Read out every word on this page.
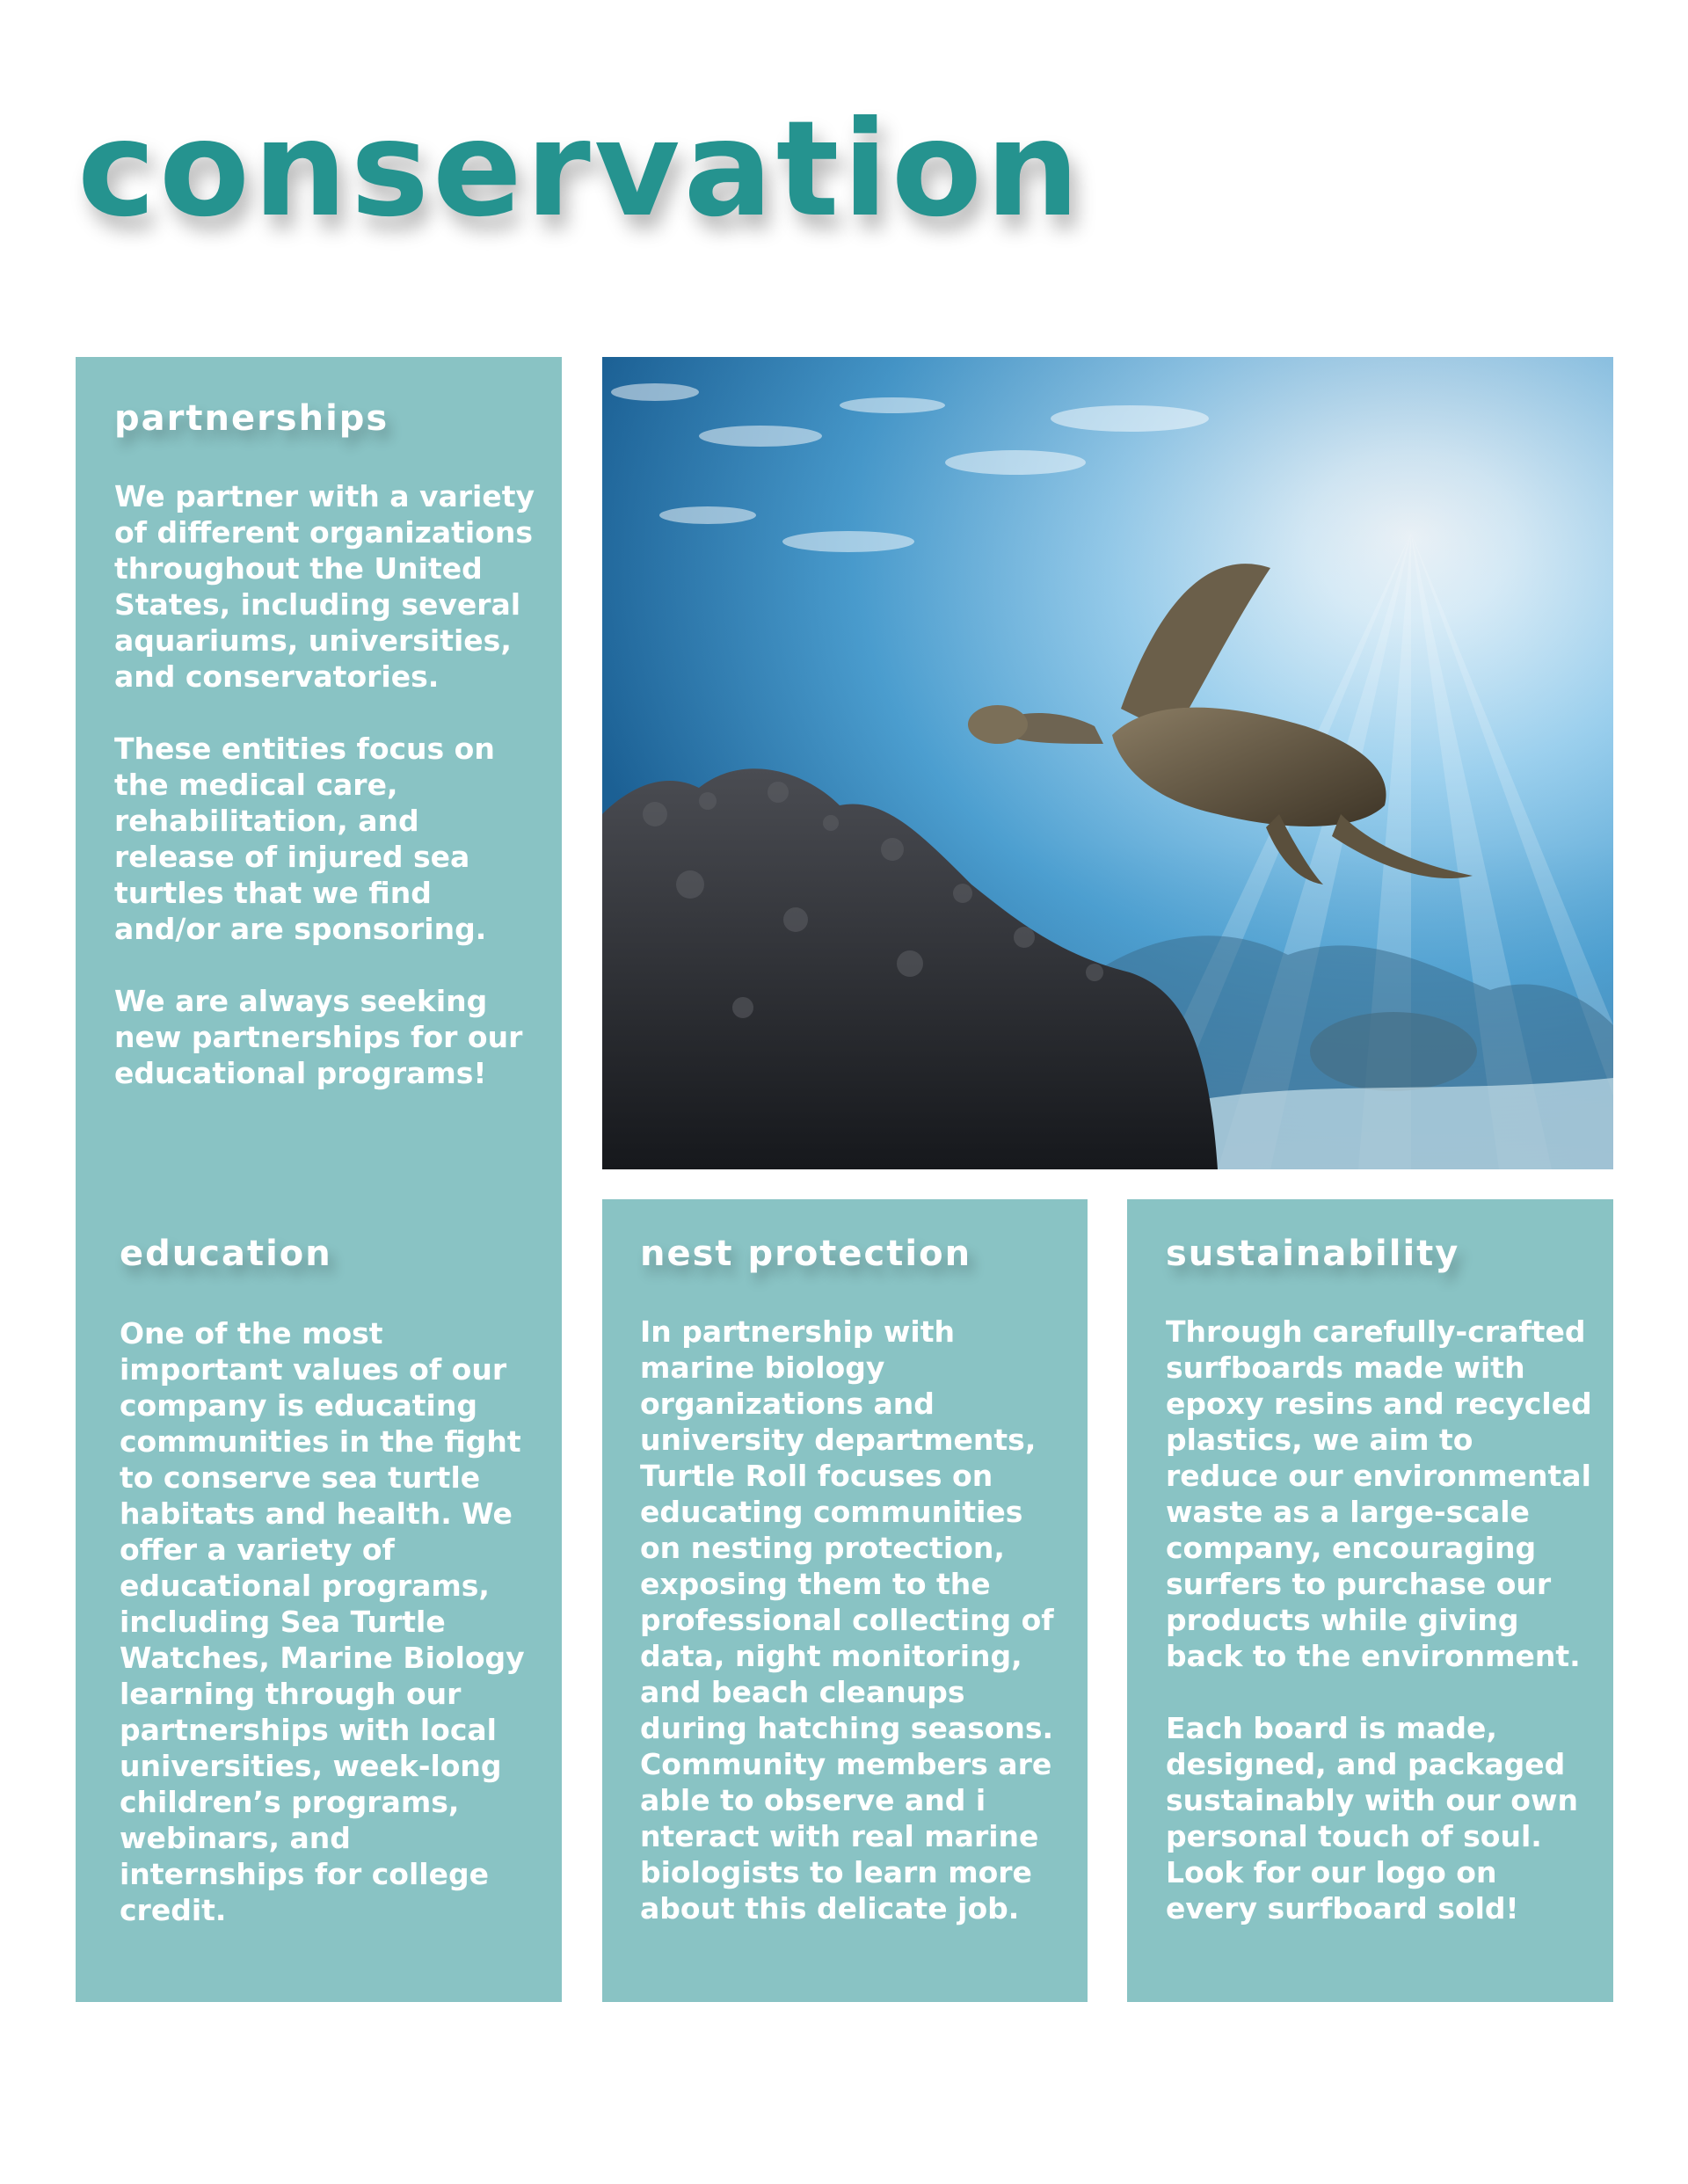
conservation
partnerships

We partner with a variety of different organizations throughout the United States, including several aquariums, universities, and conservatories.

These entities focus on the medical care, rehabilitation, and release of injured sea turtles that we find and/or are sponsoring.

We are always seeking new partnerships for our educational programs!

education

One of the most important values of our company is educating communities in the fight to conserve sea turtle habitats and health. We offer a variety of educational programs, including Sea Turtle Watches, Marine Biology learning through our partnerships with local universities, week-long children’s programs, webinars, and internships for college credit.

nest protection

In partnership with marine biology organizations and university departments, Turtle Roll focuses on educating communities on nesting protection, exposing them to the professional collecting of data, night monitoring, and beach cleanups during hatching seasons. Community members are able to observe and i nteract with real marine biologists to learn more about this delicate job.

sustainability

Through carefully-crafted surfboards made with epoxy resins and recycled plastics, we aim to reduce our environmental waste as a large-scale company, encouraging surfers to purchase our products while giving back to the environment.

Each board is made, designed, and packaged sustainably with our own personal touch of soul. Look for our logo on every surfboard sold!
